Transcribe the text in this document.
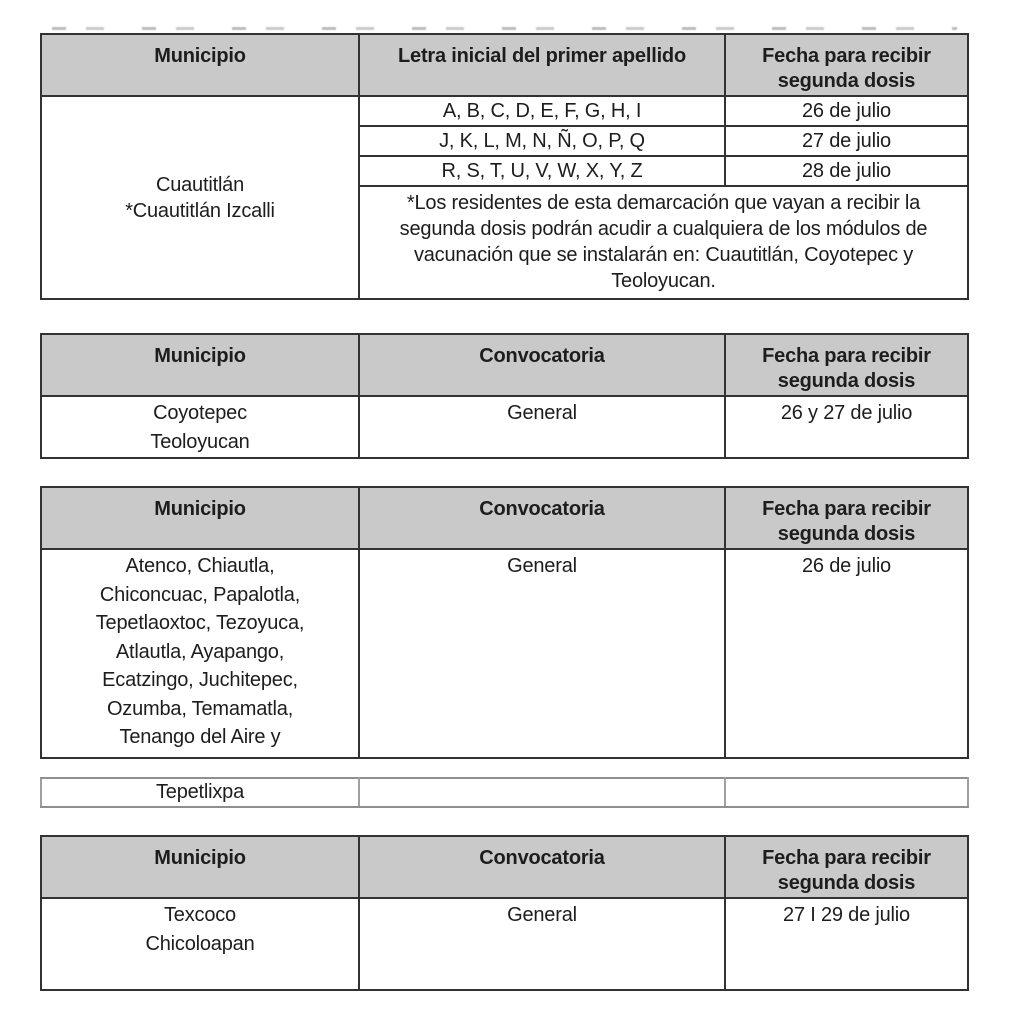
Municipio	Letra inicial del primer apellido	Fecha para recibir segunda dosis

Cuautitlán
*Cuautitlán Izcalli	A, B, C, D, E, F, G, H, I	26 de julio
	J, K, L, M, N, Ñ, O, P, Q	27 de julio
	R, S, T, U, V, W, X, Y, Z	28 de julio
	*Los residentes de esta demarcación que vayan a recibir la segunda dosis podrán acudir a cualquiera de los módulos de vacunación que se instalarán en: Cuautitlán, Coyotepec y Teoloyucan.	
Municipio	Convocatoria	Fecha para recibir segunda dosis

Coyotepec
Teoloyucan	General	26 y 27 de julio
Municipio	Convocatoria	Fecha para recibir segunda dosis

Atenco, Chiautla,
Chiconcuac, Papalotla,
Tepetlaoxtoc, Tezoyuca,
Atlautla, Ayapango,
Ecatzingo, Juchitepec,
Ozumba, Temamatla,
Tenango del Aire y
	General	26 de julio
Tepetlixpa		
Municipio	Convocatoria	Fecha para recibir segunda dosis

Texcoco
Chicoloapan	General	27 I 29 de julio
